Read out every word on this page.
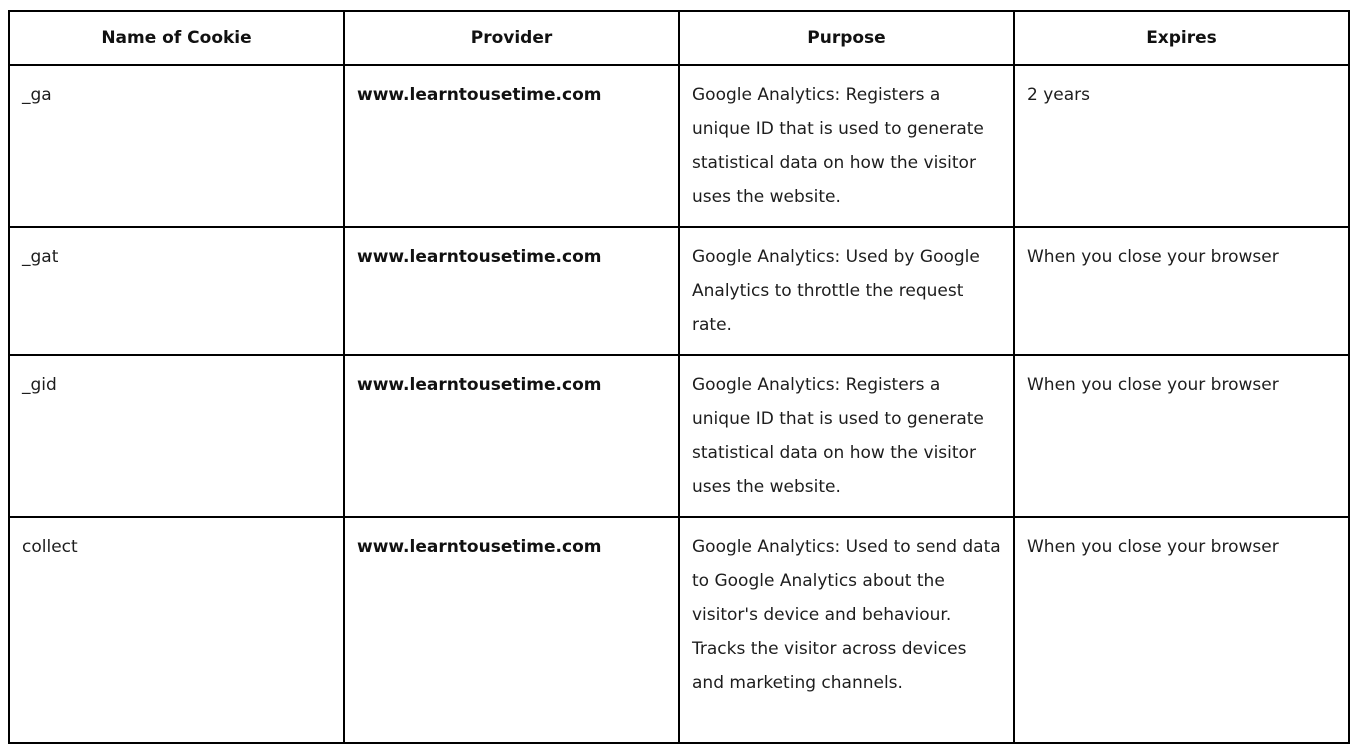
Name of Cookie	Provider	Purpose	Expires
_ga	www.learntousetime.com	Google Analytics: Registers a unique ID that is used to generate statistical data on how the visitor uses the website.	2 years
_gat	www.learntousetime.com	Google Analytics: Used by Google Analytics to throttle the request rate.	When you close your browser
_gid	www.learntousetime.com	Google Analytics: Registers a unique ID that is used to generate statistical data on how the visitor uses the website.	When you close your browser
collect	www.learntousetime.com	Google Analytics: Used to send data to Google Analytics about the visitor's device and behaviour. Tracks the visitor across devices and marketing channels.	When you close your browser
